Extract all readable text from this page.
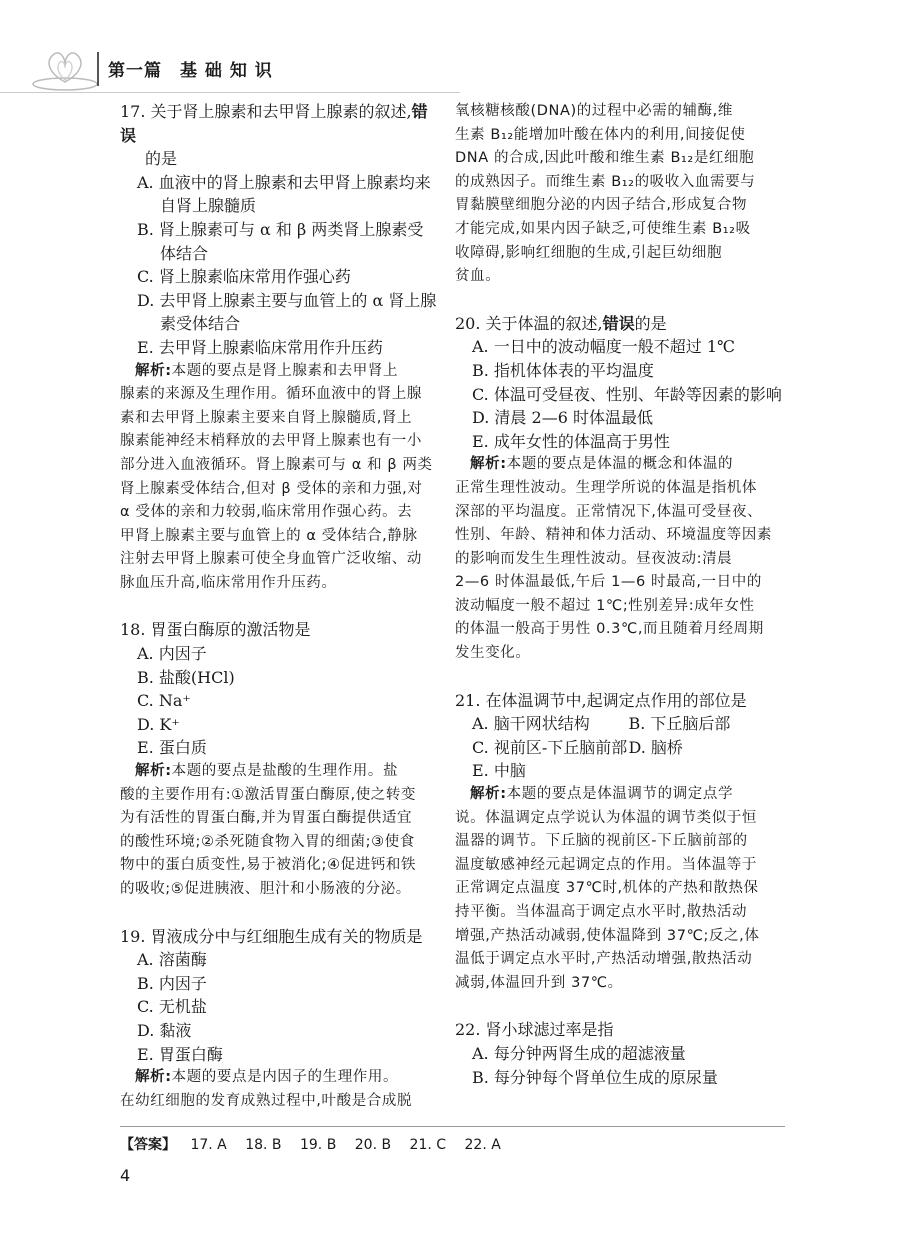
第一篇　基 础 知 识
17. 关于肾上腺素和去甲肾上腺素的叙述,错误
的是
A. 血液中的肾上腺素和去甲肾上腺素均来
自肾上腺髓质
B. 肾上腺素可与 α 和 β 两类肾上腺素受
体结合
C. 肾上腺素临床常用作强心药
D. 去甲肾上腺素主要与血管上的 α 肾上腺
素受体结合
E. 去甲肾上腺素临床常用作升压药
解析:本题的要点是肾上腺素和去甲肾上
腺素的来源及生理作用。循环血液中的肾上腺
素和去甲肾上腺素主要来自肾上腺髓质,肾上
腺素能神经末梢释放的去甲肾上腺素也有一小
部分进入血液循环。肾上腺素可与 α 和 β 两类
肾上腺素受体结合,但对 β 受体的亲和力强,对
α 受体的亲和力较弱,临床常用作强心药。去
甲肾上腺素主要与血管上的 α 受体结合,静脉
注射去甲肾上腺素可使全身血管广泛收缩、动
脉血压升高,临床常用作升压药。
18. 胃蛋白酶原的激活物是
A. 内因子
B. 盐酸(HCl)
C. Na⁺
D. K⁺
E. 蛋白质
解析:本题的要点是盐酸的生理作用。盐
酸的主要作用有:①激活胃蛋白酶原,使之转变
为有活性的胃蛋白酶,并为胃蛋白酶提供适宜
的酸性环境;②杀死随食物入胃的细菌;③使食
物中的蛋白质变性,易于被消化;④促进钙和铁
的吸收;⑤促进胰液、胆汁和小肠液的分泌。
19. 胃液成分中与红细胞生成有关的物质是
A. 溶菌酶
B. 内因子
C. 无机盐
D. 黏液
E. 胃蛋白酶
解析:本题的要点是内因子的生理作用。
在幼红细胞的发育成熟过程中,叶酸是合成脱
氧核糖核酸(DNA)的过程中必需的辅酶,维
生素 B₁₂能增加叶酸在体内的利用,间接促使
DNA 的合成,因此叶酸和维生素 B₁₂是红细胞
的成熟因子。而维生素 B₁₂的吸收入血需要与
胃黏膜壁细胞分泌的内因子结合,形成复合物
才能完成,如果内因子缺乏,可使维生素 B₁₂吸
收障碍,影响红细胞的生成,引起巨幼细胞
贫血。
20. 关于体温的叙述,错误的是
A. 一日中的波动幅度一般不超过 1℃
B. 指机体体表的平均温度
C. 体温可受昼夜、性别、年龄等因素的影响
D. 清晨 2—6 时体温最低
E. 成年女性的体温高于男性
解析:本题的要点是体温的概念和体温的
正常生理性波动。生理学所说的体温是指机体
深部的平均温度。正常情况下,体温可受昼夜、
性别、年龄、精神和体力活动、环境温度等因素
的影响而发生生理性波动。昼夜波动:清晨
2—6 时体温最低,午后 1—6 时最高,一日中的
波动幅度一般不超过 1℃;性别差异:成年女性
的体温一般高于男性 0.3℃,而且随着月经周期
发生变化。
21. 在体温调节中,起调定点作用的部位是
A. 脑干网状结构	B. 下丘脑后部
C. 视前区-下丘脑前部 D. 脑桥
E. 中脑
解析:本题的要点是体温调节的调定点学
说。体温调定点学说认为体温的调节类似于恒
温器的调节。下丘脑的视前区-下丘脑前部的
温度敏感神经元起调定点的作用。当体温等于
正常调定点温度 37℃时,机体的产热和散热保
持平衡。当体温高于调定点水平时,散热活动
增强,产热活动减弱,使体温降到 37℃;反之,体
温低于调定点水平时,产热活动增强,散热活动
减弱,体温回升到 37℃。
22. 肾小球滤过率是指
A. 每分钟两肾生成的超滤液量
B. 每分钟每个肾单位生成的原尿量
【答案】 17. A 18. B 19. B 20. B 21. C 22. A
4
